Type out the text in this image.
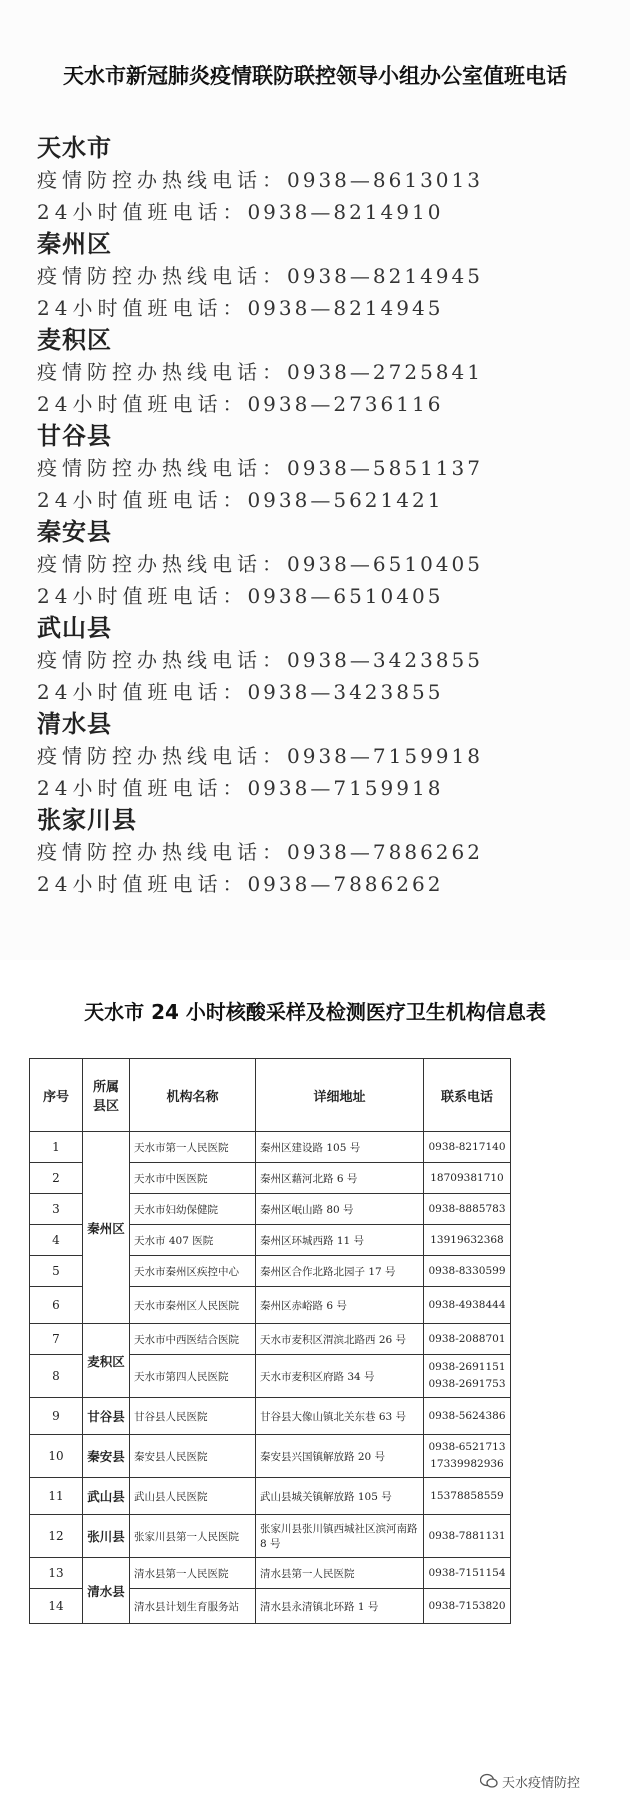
天水市新冠肺炎疫情联防联控领导小组办公室值班电话
天水市
疫情防控办热线电话：0938—8613013
24小时值班电话：0938—8214910
秦州区
疫情防控办热线电话：0938—8214945
24小时值班电话：0938—8214945
麦积区
疫情防控办热线电话：0938—2725841
24小时值班电话：0938—2736116
甘谷县
疫情防控办热线电话：0938—5851137
24小时值班电话：0938—5621421
秦安县
疫情防控办热线电话：0938—6510405
24小时值班电话：0938—6510405
武山县
疫情防控办热线电话：0938—3423855
24小时值班电话：0938—3423855
清水县
疫情防控办热线电话：0938—7159918
24小时值班电话：0938—7159918
张家川县
疫情防控办热线电话：0938—7886262
24小时值班电话：0938—7886262
天水市 24 小时核酸采样及检测医疗卫生机构信息表
序号	所属县区	机构名称	详细地址	联系电话
1	秦州区	天水市第一人民医院	秦州区建设路 105 号	0938-8217140

2		天水市中医医院	秦州区藉河北路 6 号	18709381710

3		天水市妇幼保健院	秦州区岷山路 80 号	0938-8885783

4		天水市 407 医院	秦州区环城西路 11 号	13919632368

5		天水市秦州区疾控中心	秦州区合作北路北园子 17 号	0938-8330599

6		天水市秦州区人民医院	秦州区赤峪路 6 号	0938-4938444

7	麦积区	天水市中西医结合医院	天水市麦积区渭滨北路西 26 号	0938-2088701

8		天水市第四人民医院	天水市麦积区府路 34 号	0938-2691151
0938-2691753

9	甘谷县	甘谷县人民医院	甘谷县大像山镇北关东巷 63 号	0938-5624386

10	秦安县	秦安县人民医院	秦安县兴国镇解放路 20 号	0938-6521713
17339982936

11	武山县	武山县人民医院	武山县城关镇解放路 105 号	15378858559

12	张川县	张家川县第一人民医院	张家川县张川镇西城社区滨河南路 8 号	0938-7881131

13	清水县	清水县第一人民医院	清水县第一人民医院	0938-7151154

14		清水县计划生育服务站	清水县永清镇北环路 1 号	0938-7153820
天水疫情防控
